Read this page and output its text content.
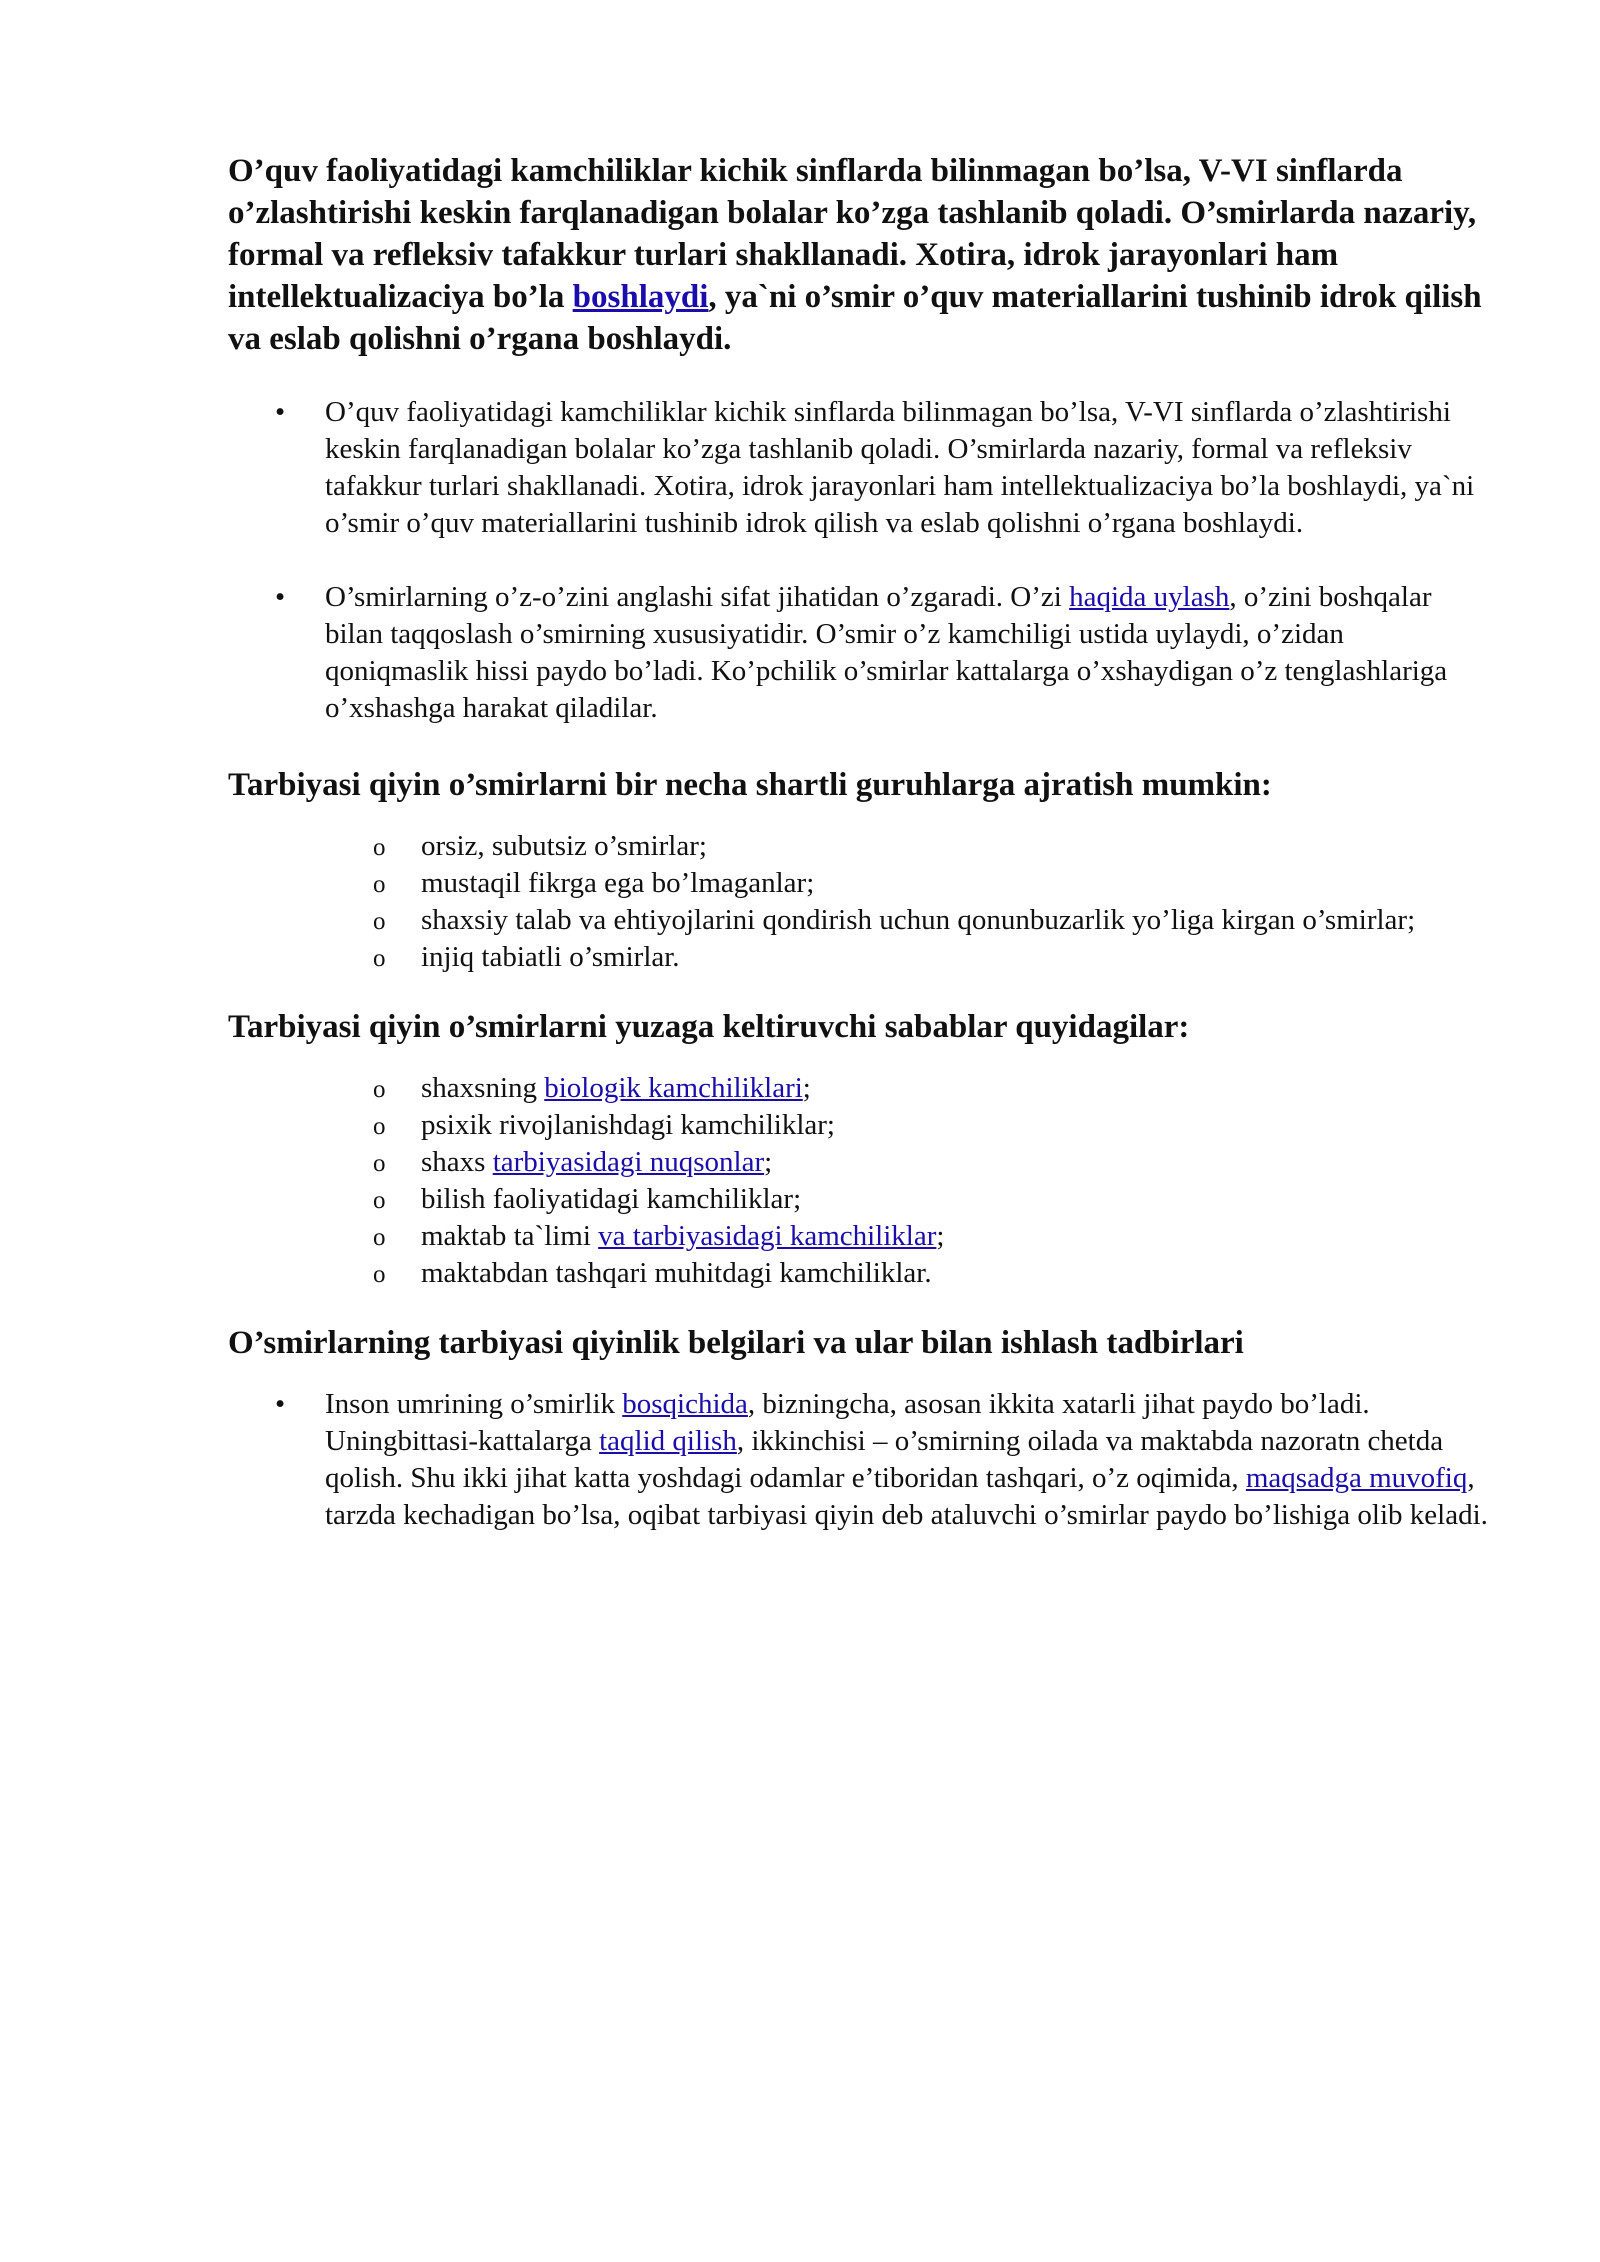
O’quv faoliyatidagi kamchiliklar kichik sinflarda bilinmagan bo’lsa, V-VI sinflarda o’zlashtirishi keskin farqlanadigan bolalar ko’zga tashlanib qoladi. O’smirlarda nazariy, formal va refleksiv tafakkur turlari shakllanadi. Xotira, idrok jarayonlari ham intellektualizaciya bo’la boshlaydi, ya`ni o’smir o’quv materiallarini tushinib idrok qilish va eslab qolishni o’rgana boshlaydi.

• O’quv faoliyatidagi kamchiliklar kichik sinflarda bilinmagan bo’lsa, V-VI sinflarda o’zlashtirishi keskin farqlanadigan bolalar ko’zga tashlanib qoladi. O’smirlarda nazariy, formal va refleksiv tafakkur turlari shakllanadi. Xotira, idrok jarayonlari ham intellektualizaciya bo’la boshlaydi, ya`ni o’smir o’quv materiallarini tushinib idrok qilish va eslab qolishni o’rgana boshlaydi.
• O’smirlarning o’z-o’zini anglashi sifat jihatidan o’zgaradi. O’zi haqida uylash, o’zini boshqalar bilan taqqoslash o’smirning xususiyatidir. O’smir o’z kamchiligi ustida uylaydi, o’zidan qoniqmaslik hissi paydo bo’ladi. Ko’pchilik o’smirlar kattalarga o’xshaydigan o’z tenglashlariga o’xshashga harakat qiladilar.
Tarbiyasi qiyin o’smirlarni bir necha shartli guruhlarga ajratish mumkin:
o orsiz, subutsiz o’smirlar;
o mustaqil fikrga ega bo’lmaganlar;
o shaxsiy talab va ehtiyojlarini qondirish uchun qonunbuzarlik yo’liga kirgan o’smirlar;
o injiq tabiatli o’smirlar.
Tarbiyasi qiyin o’smirlarni yuzaga keltiruvchi sabablar quyidagilar:
o shaxsning biologik kamchiliklari;
o psixik rivojlanishdagi kamchiliklar;
o shaxs tarbiyasidagi nuqsonlar;
o bilish faoliyatidagi kamchiliklar;
o maktab ta`limi va tarbiyasidagi kamchiliklar;
o maktabdan tashqari muhitdagi kamchiliklar.
O’smirlarning tarbiyasi qiyinlik belgilari va ular bilan ishlash tadbirlari
• Inson umrining o’smirlik bosqichida, bizningcha, asosan ikkita xatarli jihat paydo bo’ladi. Uningbittasi-kattalarga taqlid qilish, ikkinchisi – o’smirning oilada va maktabda nazoratn chetda qolish. Shu ikki jihat katta yoshdagi odamlar e’tiboridan tashqari, o’z oqimida, maqsadga muvofiq, tarzda kechadigan bo’lsa, oqibat tarbiyasi qiyin deb ataluvchi o’smirlar paydo bo’lishiga olib keladi.
